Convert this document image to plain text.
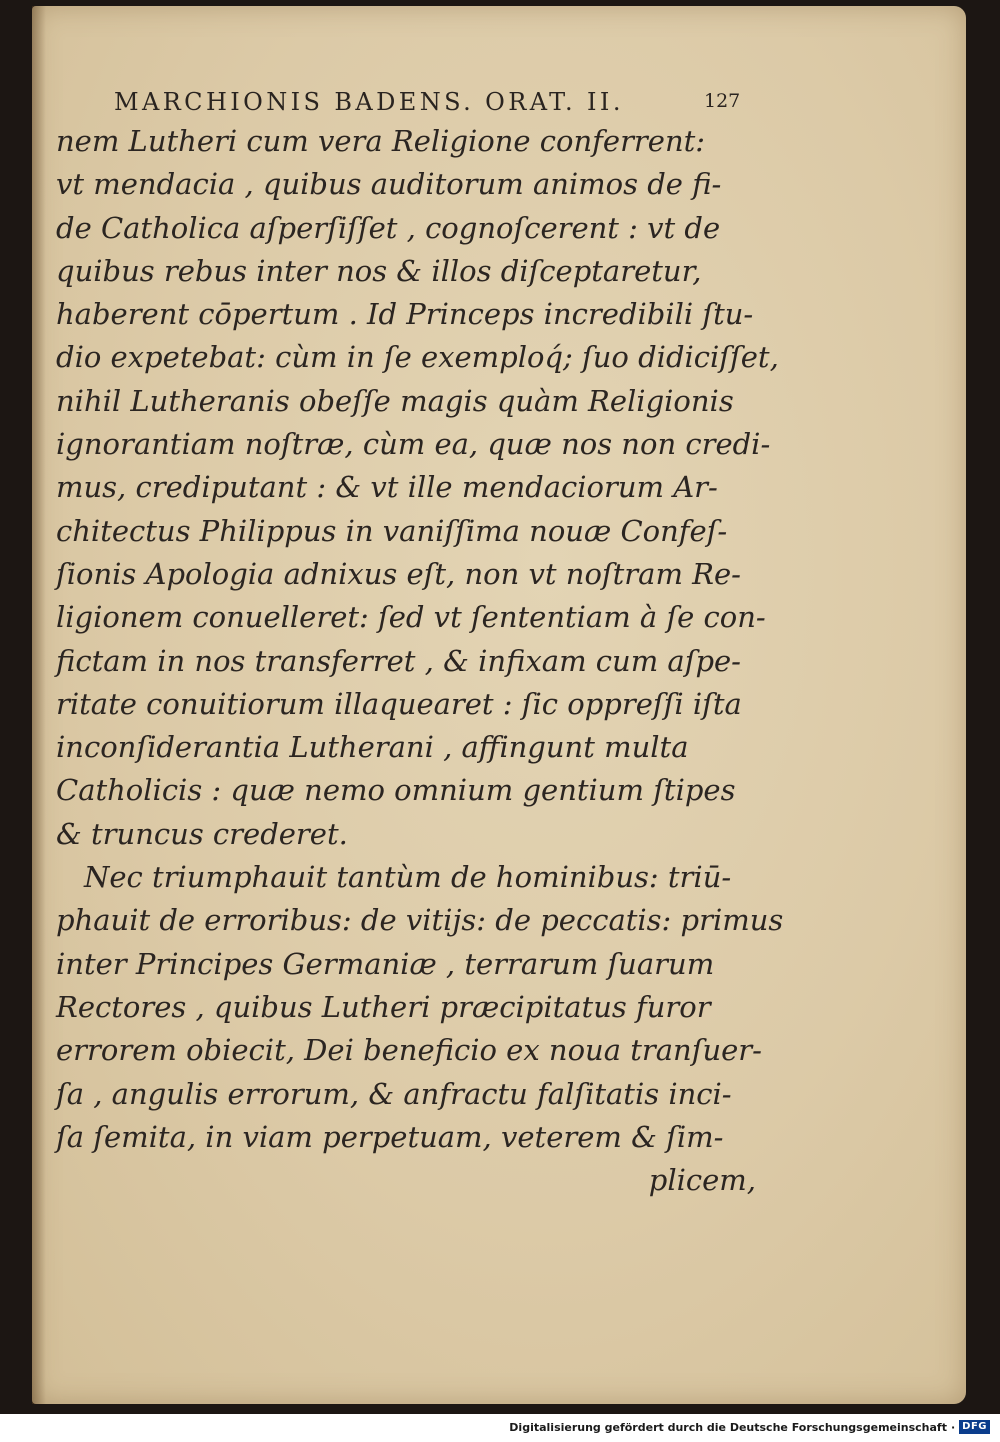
MARCHIONIS BADENS. ORAT. II.	127
nem Lutheri cum vera Religione conferrent:
vt mendacia , quibus auditorum animos de fi-
de Catholica aſperſiſſet , cognoſcerent : vt de
quibus rebus inter nos & illos diſceptaretur,
haberent cōpertum . Id Princeps incredibili ſtu-
dio expetebat: cùm in ſe exemploq́; ſuo didiciſſet,
nihil Lutheranis obeſſe magis quàm Religionis
ignorantiam noſtræ, cùm ea, quæ nos non credi-
mus, crediputant : & vt ille mendaciorum Ar-
chitectus Philippus in vaniſſima nouæ Confeſ-
ſionis Apologia adnixus eſt, non vt noſtram Re-
ligionem conuelleret: ſed vt ſententiam à ſe con-
fictam in nos transferret , & infixam cum aſpe-
ritate conuitiorum illaquearet : ſic oppreſſi iſta
inconſiderantia Lutherani , affingunt multa
Catholicis : quæ nemo omnium gentium ſtipes
& truncus crederet.
Nec triumphauit tantùm de hominibus: triū-
phauit de erroribus: de vitijs: de peccatis: primus
inter Principes Germaniæ , terrarum ſuarum
Rectores , quibus Lutheri præcipitatus furor
errorem obiecit, Dei beneficio ex noua tranſuer-
ſa , angulis errorum, & anfractu falſitatis inci-
ſa ſemita, in viam perpetuam, veterem & ſim-
plicem,
Digitalisierung gefördert durch die Deutsche Forschungsgemeinschaft · DFG
